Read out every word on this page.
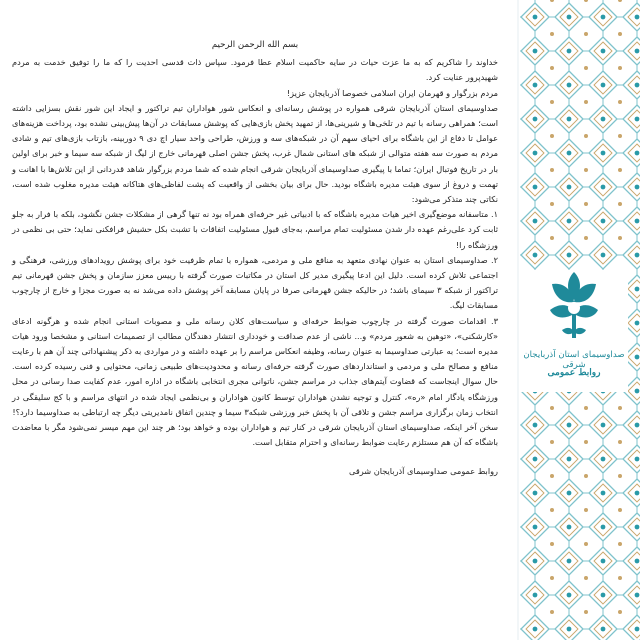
صداوسیمای استان آذربایجان شرقی
روابط عمومی
بسم الله الرحمن الرحيم

خداوند را شاکریم که به ما عزت حیات در سایه حاکمیت اسلام عطا فرمود. سپاس ذات قدسی احدیت را که ما را توفیق خدمت به مردم شهیدپرور عنایت کرد.

مردم بزرگوار و قهرمان ایران اسلامی خصوصا آذربایجان عزیز!

صداوسیمای استان آذربایجان شرقی همواره در پوشش رسانه‌ای و انعکاس شور هواداران تیم تراکتور و ایجاد این شور نقش بسزایی داشته است؛ همراهی رسانه با تیم در تلخی‌ها و شیرینی‌ها، از تمهید پخش بازی‌هایی که پوشش مسابقات در آن‌ها پیش‌بینی نشده بود، پرداخت هزینه‌های عوامل تا دفاع از این باشگاه برای احیای سهم آن در شبکه‌های سه و ورزش، طراحی واحد سیار اچ دی ۹ دوربینه، بازتاب بازی‌های تیم و شادی مردم به صورت سه هفته متوالی از شبکه‌ های استانی شمال غرب، پخش جشن اصلی قهرمانی خارج از لیگ از شبکه سه سیما و خبر برای اولین بار در تاریخ فوتبال ایران؛ تماما با پیگیری صداوسیمای آذربایجان شرقی انجام شده که شما مردم بزرگوار شاهد قدردانی از این تلاش‌ها با اهانت و تهمت و دروغ از سوی هیئت مدیره باشگاه بودید. حال برای بیان بخشی از واقعیت که پشت لفاظی‌های هتاکانه هیئت مدیره مغلوب شده است، نکاتی چند متذکر می‌شود:

۱. متاسفانه موضع‌گیری اخیر هیات مدیره باشگاه که با ادبیاتی غیر حرفه‌ای همراه بود نه تنها گرهی از مشکلات جشن نگشود، بلکه با فرار به جلو ثابت کرد علی‌رغم عهده دار شدن مسئولیت تمام مراسم، به‌جای قبول مسئولیت اتفاقات با تشبث بکل حشیش فرافکنی نماید؛ حتی بی نظمی در ورزشگاه را!

۲. صداوسیمای استان به عنوان نهادی متعهد به منافع ملی و مردمی، همواره با تمام ظرفیت خود برای پوشش رویدادهای ورزشی، فرهنگی و اجتماعی تلاش کرده است. دلیل این ادعا پیگیری مدیر کل استان در مکاتبات صورت گرفته با رییس معزز سازمان و پخش جشن قهرمانی تیم تراکتور از شبکه ۳ سیمای باشد؛ در حالیکه جشن قهرمانی صرفا در پایان مسابقه آخر پوشش داده می‌شد نه به صورت مجزا و خارج از چارچوب مسابقات لیگ.

۳. اقدامات صورت گرفته در چارچوب ضوابط حرفه‌ای و سیاست‌های کلان رسانه ملی و مصوبات استانی انجام شده و هرگونه ادعای «کارشکنی»، «توهین به شعور مردم» و... ناشی از عدم صداقت و خودداری انتشار دهندگان مطالب از تصمیمات استانی و مشخصا ورود هیات مدیره است؛ به عبارتی صداوسیما به عنوان رسانه، وظیفه انعکاس مراسم را بر عهده داشته و در مواردی به ذکر پیشنهاداتی چند آن هم با رعایت منافع و مصالح ملی و مردمی و استانداردهای صورت گرفته حرفه‌ای رسانه و محدودیت‌های طبیعی زمانی، محتوایی و فنی رسیده کرده است. حال سوال اینجاست که قضاوت آیتم‌های جذاب در مراسم جشن، ناتوانی مجری انتخابی باشگاه در اداره امور، عدم کفایت صدا رسانی در محل ورزشگاه یادگار امام «ره»، کنترل و توجیه نشدن هواداران توسط کانون هواداران و بی‌نظمی ایجاد شده در انتهای مراسم و با کج سلیقگی در انتخاب زمان برگزاری مراسم جشن و تلاقی آن با پخش خبر ورزشی شبکه۳ سیما و چندین اتفاق نامدیریتی دیگر چه ارتباطی به صداوسیما دارد؟!

سخن آخر اینکه، صداوسیمای استان آذربایجان شرقی در کنار تیم و هواداران بوده و خواهد بود؛ هر چند این مهم میسر نمی‌شود مگر با معاضدت باشگاه که آن هم مستلزم رعایت ضوابط رسانه‌ای و احترام متقابل است.

روابط عمومی صداوسیمای آذربایجان شرقی
